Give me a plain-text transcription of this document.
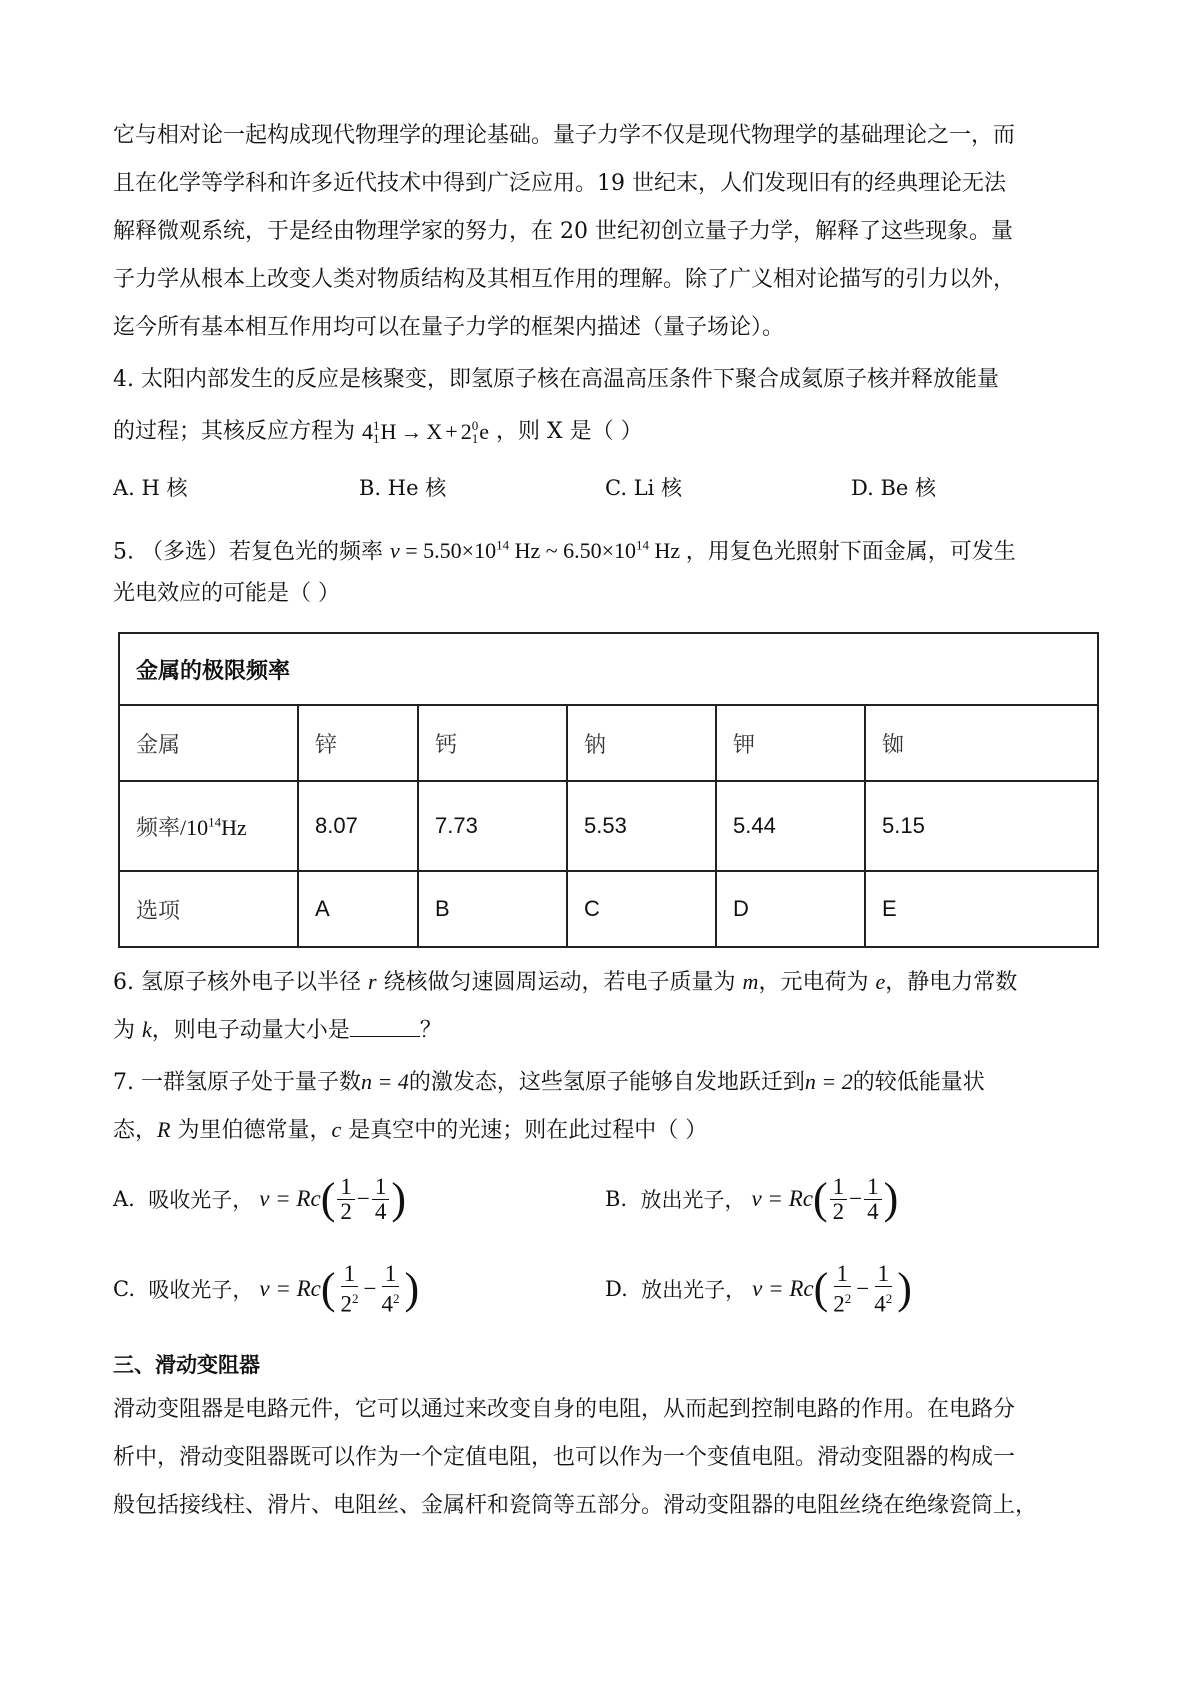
它与相对论一起构成现代物理学的理论基础。量子力学不仅是现代物理学的基础理论之一，而
且在化学等学科和许多近代技术中得到广泛应用。19 世纪末，人们发现旧有的经典理论无法
解释微观系统，于是经由物理学家的努力，在 20 世纪初创立量子力学，解释了这些现象。量
子力学从根本上改变人类对物质结构及其相互作用的理解。除了广义相对论描写的引力以外，
迄今所有基本相互作用均可以在量子力学的框架内描述（量子场论）。
4. 太阳内部发生的反应是核聚变，即氢原子核在高温高压条件下聚合成氦原子核并释放能量
的过程；其核反应方程为 4 1
1 H → X + 2 0
1 e ，则 X 是（ ）
A. H 核	B. He 核	C. Li 核	D. Be 核
5. （多选）若复色光的频率 $\nu = 5.50\times 10^{14}$ Hz ~ $6.50\times 10^{14}$ Hz ，用复色光照射下面金属，可发生
光电效应的可能是（ ）
金属的极限频率					
金属	锌	钙	钠	钾	铷
频率$/10^{14}Hz$	8.07	7.73	5.53	5.44	5.15
选项	A	B	C	D	E
6. 氢原子核外电子以半径 r 绕核做匀速圆周运动，若电子质量为 m，元电荷为 e，静电力常数
为 k，则电子动量大小是	？
7. 一群氢原子处于量子数n = 4的激发态，这些氢原子能够自发地跃迁到n = 2的较低能量状
态，R 为里伯德常量，c 是真空中的光速；则在此过程中（ ）
A.
吸收光子， ν = Rc ( $\frac{1}{2} - \frac{1}{4}$ )	B.
放出光子， ν = Rc ( $\frac{1}{2} - \frac{1}{4}$ )
C.
吸收光子， ν = Rc ( $\frac{1}{2^2} - \frac{1}{4^2}$ )	D.
放出光子， ν = Rc ( $\frac{1}{2^2} - \frac{1}{4^2}$ )
三、滑动变阻器
滑动变阻器是电路元件，它可以通过来改变自身的电阻，从而起到控制电路的作用。在电路分
析中，滑动变阻器既可以作为一个定值电阻，也可以作为一个变值电阻。滑动变阻器的构成一
般包括接线柱、滑片、电阻丝、金属杆和瓷筒等五部分。滑动变阻器的电阻丝绕在绝缘瓷筒上，
